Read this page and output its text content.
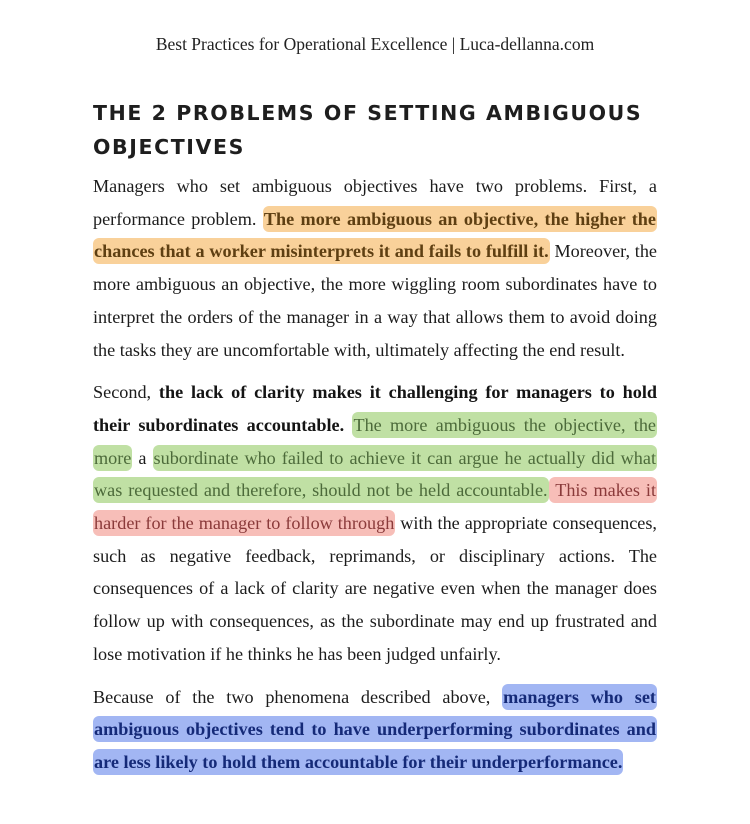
Best Practices for Operational Excellence | Luca-dellanna.com
THE 2 PROBLEMS OF SETTING AMBIGUOUS OBJECTIVES

Managers who set ambiguous objectives have two problems. First, a performance problem. The more ambiguous an objective, the higher the chances that a worker misinterprets it and fails to fulfill it. Moreover, the more ambiguous an objective, the more wiggling room subordinates have to interpret the orders of the manager in a way that allows them to avoid doing the tasks they are uncomfortable with, ultimately affecting the end result.

Second, the lack of clarity makes it challenging for managers to hold their subordinates accountable. The more ambiguous the objective, the more a subordinate who failed to achieve it can argue he actually did what was requested and therefore, should not be held accountable. This makes it harder for the manager to follow through with the appropriate consequences, such as negative feedback, reprimands, or disciplinary actions. The consequences of a lack of clarity are negative even when the manager does follow up with consequences, as the subordinate may end up frustrated and lose motivation if he thinks he has been judged unfairly.

Because of the two phenomena described above, managers who set ambiguous objectives tend to have underperforming subordinates and are less likely to hold them accountable for their underperformance.
